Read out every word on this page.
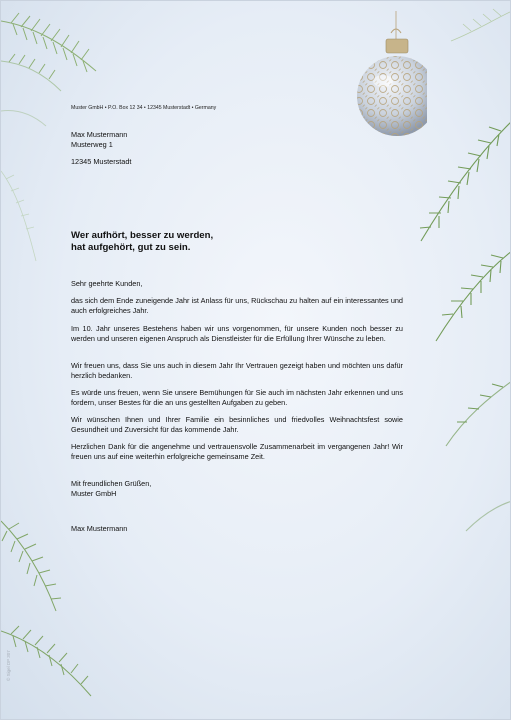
Muster GmbH • P.O. Box 12 34 • 12345 Musterstadt • Germany
Max Mustermann
Musterweg 1
12345 Musterstadt
Wer aufhört, besser zu werden,
hat aufgehört, gut zu sein.
Sehr geehrte Kunden,
das sich dem Ende zuneigende Jahr ist Anlass für uns, Rückschau zu halten auf ein interessantes und auch erfolgreiches Jahr.
Im 10. Jahr unseres Bestehens haben wir uns vorgenommen, für unsere Kunden noch besser zu werden und unseren eigenen Anspruch als Dienstleister für die Erfüllung Ihrer Wünsche zu leben.
Wir freuen uns, dass Sie uns auch in diesem Jahr Ihr Vertrauen gezeigt haben und möchten uns dafür herzlich bedanken.
Es würde uns freuen, wenn Sie unsere Bemühungen für Sie auch im nächsten Jahr erkennen und uns fordern, unser Bestes für die an uns gestellten Aufgaben zu geben.
Wir wünschen Ihnen und Ihrer Familie ein besinnliches und friedvolles Weihnachtsfest sowie Gesundheit und Zuversicht für das kommende Jahr.
Herzlichen Dank für die angenehme und vertrauensvolle Zusammenarbeit im vergangenen Jahr! Wir freuen uns auf eine weiterhin erfolgreiche gemeinsame Zeit.
Mit freundlichen Grüßen,
Muster GmbH
Max Mustermann
© Sigel DP 307
